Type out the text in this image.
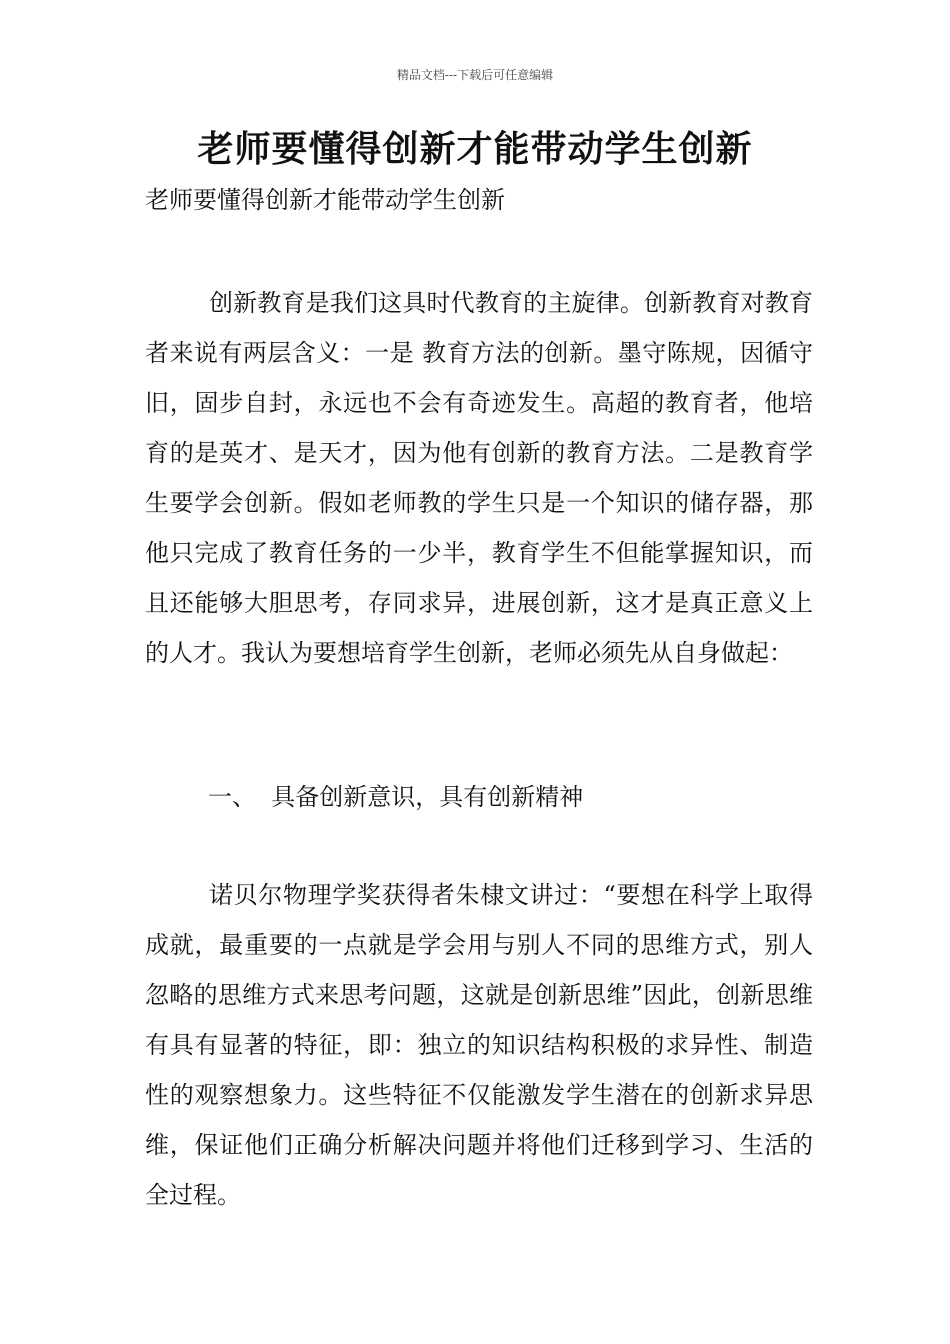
精品文档---下载后可任意编辑
老师要懂得创新才能带动学生创新

老师要懂得创新才能带动学生创新

创新教育是我们这具时代教育的主旋律。创新教育对教育者来说有两层含义：一是 教育方法的创新。墨守陈规，因循守旧，固步自封，永远也不会有奇迹发生。高超的教育者，他培育的是英才、是天才，因为他有创新的教育方法。二是教育学生要学会创新。假如老师教的学生只是一个知识的储存器，那他只完成了教育任务的一少半，教育学生不但能掌握知识，而且还能够大胆思考，存同求异，进展创新，这才是真正意义上的人才。我认为要想培育学生创新，老师必须先从自身做起：

一、  具备创新意识，具有创新精神

诺贝尔物理学奖获得者朱棣文讲过：“要想在科学上取得成就，最重要的一点就是学会用与别人不同的思维方式，别人忽略的思维方式来思考问题，这就是创新思维”因此，创新思维有具有显著的特征，即：独立的知识结构积极的求异性、制造性的观察想象力。这些特征不仅能激发学生潜在的创新求异思维，保证他们正确分析解决问题并将他们迁移到学习、生活的全过程。
